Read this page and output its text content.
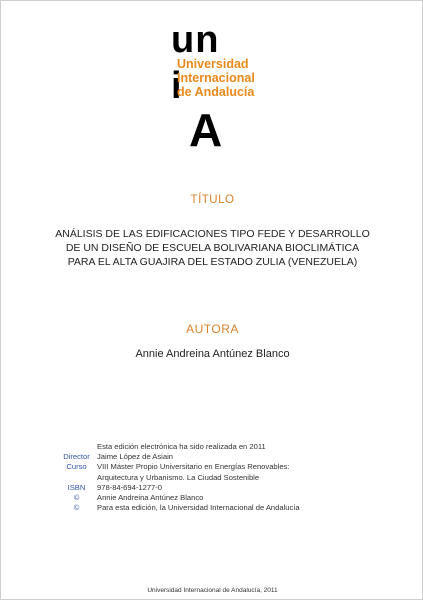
un
i
A
Universidad
Internacional
de Andalucía
TÍTULO
ANÁLISIS DE LAS EDIFICACIONES TIPO FEDE Y DESARROLLO
DE UN DISEÑO DE ESCUELA BOLIVARIANA BIOCLIMÁTICA
PARA EL ALTA GUAJIRA DEL ESTADO ZULIA (VENEZUELA)
AUTORA
Annie Andreina Antúnez Blanco
Esta edición electrónica ha sido realizada en 2011
Director Jaime López de Asiain
Curso	VIII Máster Propio Universitario en Energías Renovables:
Arquitectura y Urbanismo. La Ciudad Sostenible
ISBN	978-84-694-1277-0
©	Annie Andreina Antúnez Blanco
©	Para esta edición, la Universidad Internacional de Andalucía
Universidad Internacional de Andalucía, 2011
